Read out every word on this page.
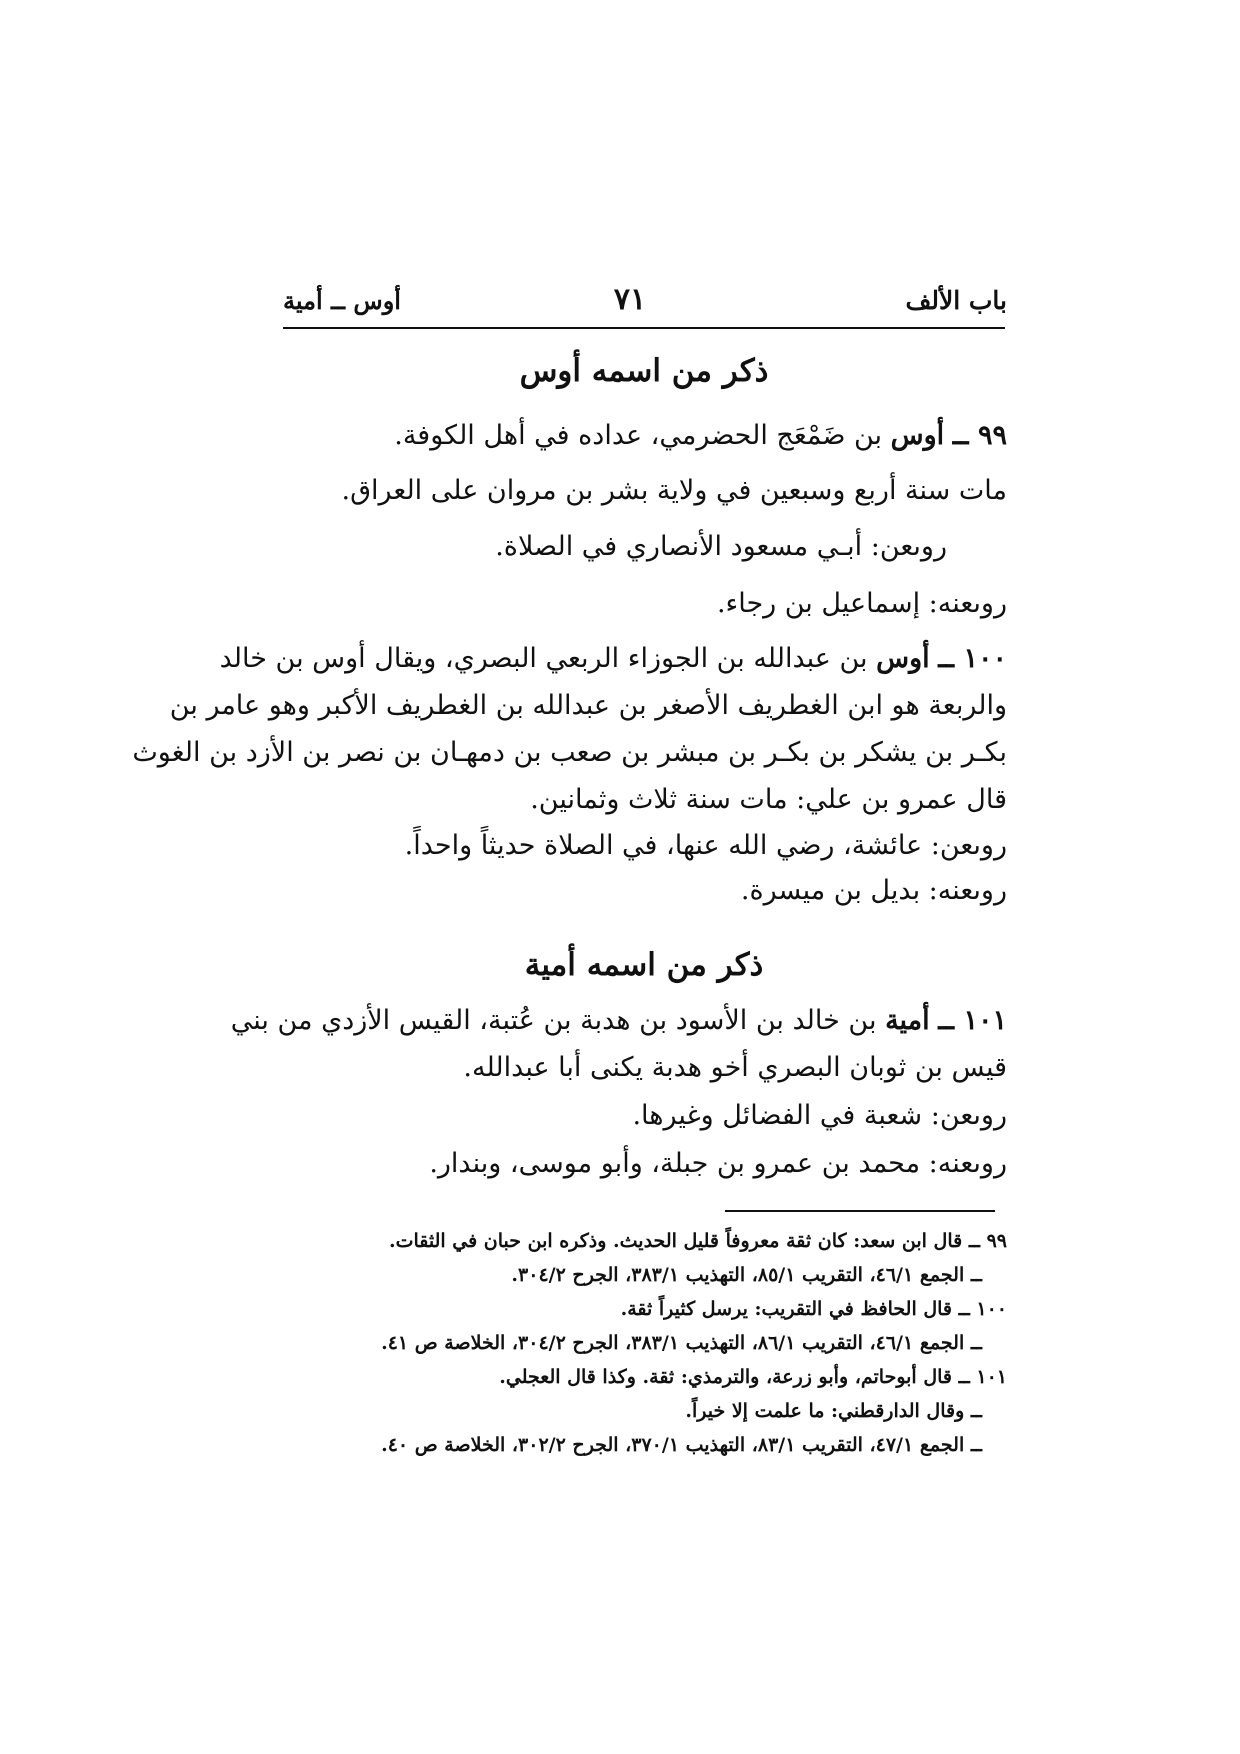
باب الألف
٧١
أوس ــ أمية
ذكر من اسمه أوس
٩٩ ــ أوس بن ضَمْعَج الحضرمي، عداده في أهل الكوفة.
مات سنة أربع وسبعين في ولاية بشر بن مروان على العراق.
روىعن: أبـي مسعود الأنصاري في الصلاة.
روىعنه: إسماعيل بن رجاء.
١٠٠ ــ أوس بن عبدالله بن الجوزاء الربعي البصري، ويقال أوس بن خالد
والربعة هو ابن الغطريف الأصغر بن عبدالله بن الغطريف الأكبر وهو عامر بن
بكـر بن يشكر بن بكـر بن مبشر بن صعب بن دمهـان بن نصر بن الأزد بن الغوث
قال عمرو بن علي: مات سنة ثلاث وثمانين.
روىعن: عائشة، رضي الله عنها، في الصلاة حديثاً واحداً.
روىعنه: بديل بن ميسرة.
ذكر من اسمه أمية
١٠١ ــ أمية بن خالد بن الأسود بن هدبة بن عُتبة، القيس الأزدي من بني
قيس بن ثوبان البصري أخو هدبة يكنى أبا عبدالله.
روىعن: شعبة في الفضائل وغيرها.
روىعنه: محمد بن عمرو بن جبلة، وأبو موسى، وبندار.
٩٩ ــ قال ابن سعد: كان ثقة معروفاً قليل الحديث. وذكره ابن حبان في الثقات.
ــ الجمع ٤٦/١، التقريب ٨٥/١، التهذيب ٣٨٣/١، الجرح ٣٠٤/٢.
١٠٠ ــ قال الحافظ في التقريب: يرسل كثيراً ثقة.
ــ الجمع ٤٦/١، التقريب ٨٦/١، التهذيب ٣٨٣/١، الجرح ٣٠٤/٢، الخلاصة ص ٤١.
١٠١ ــ قال أبوحاتم، وأبو زرعة، والترمذي: ثقة. وكذا قال العجلي.
ــ وقال الدارقطني: ما علمت إلا خيراً.
ــ الجمع ٤٧/١، التقريب ٨٣/١، التهذيب ٣٧٠/١، الجرح ٣٠٢/٢، الخلاصة ص ٤٠.
